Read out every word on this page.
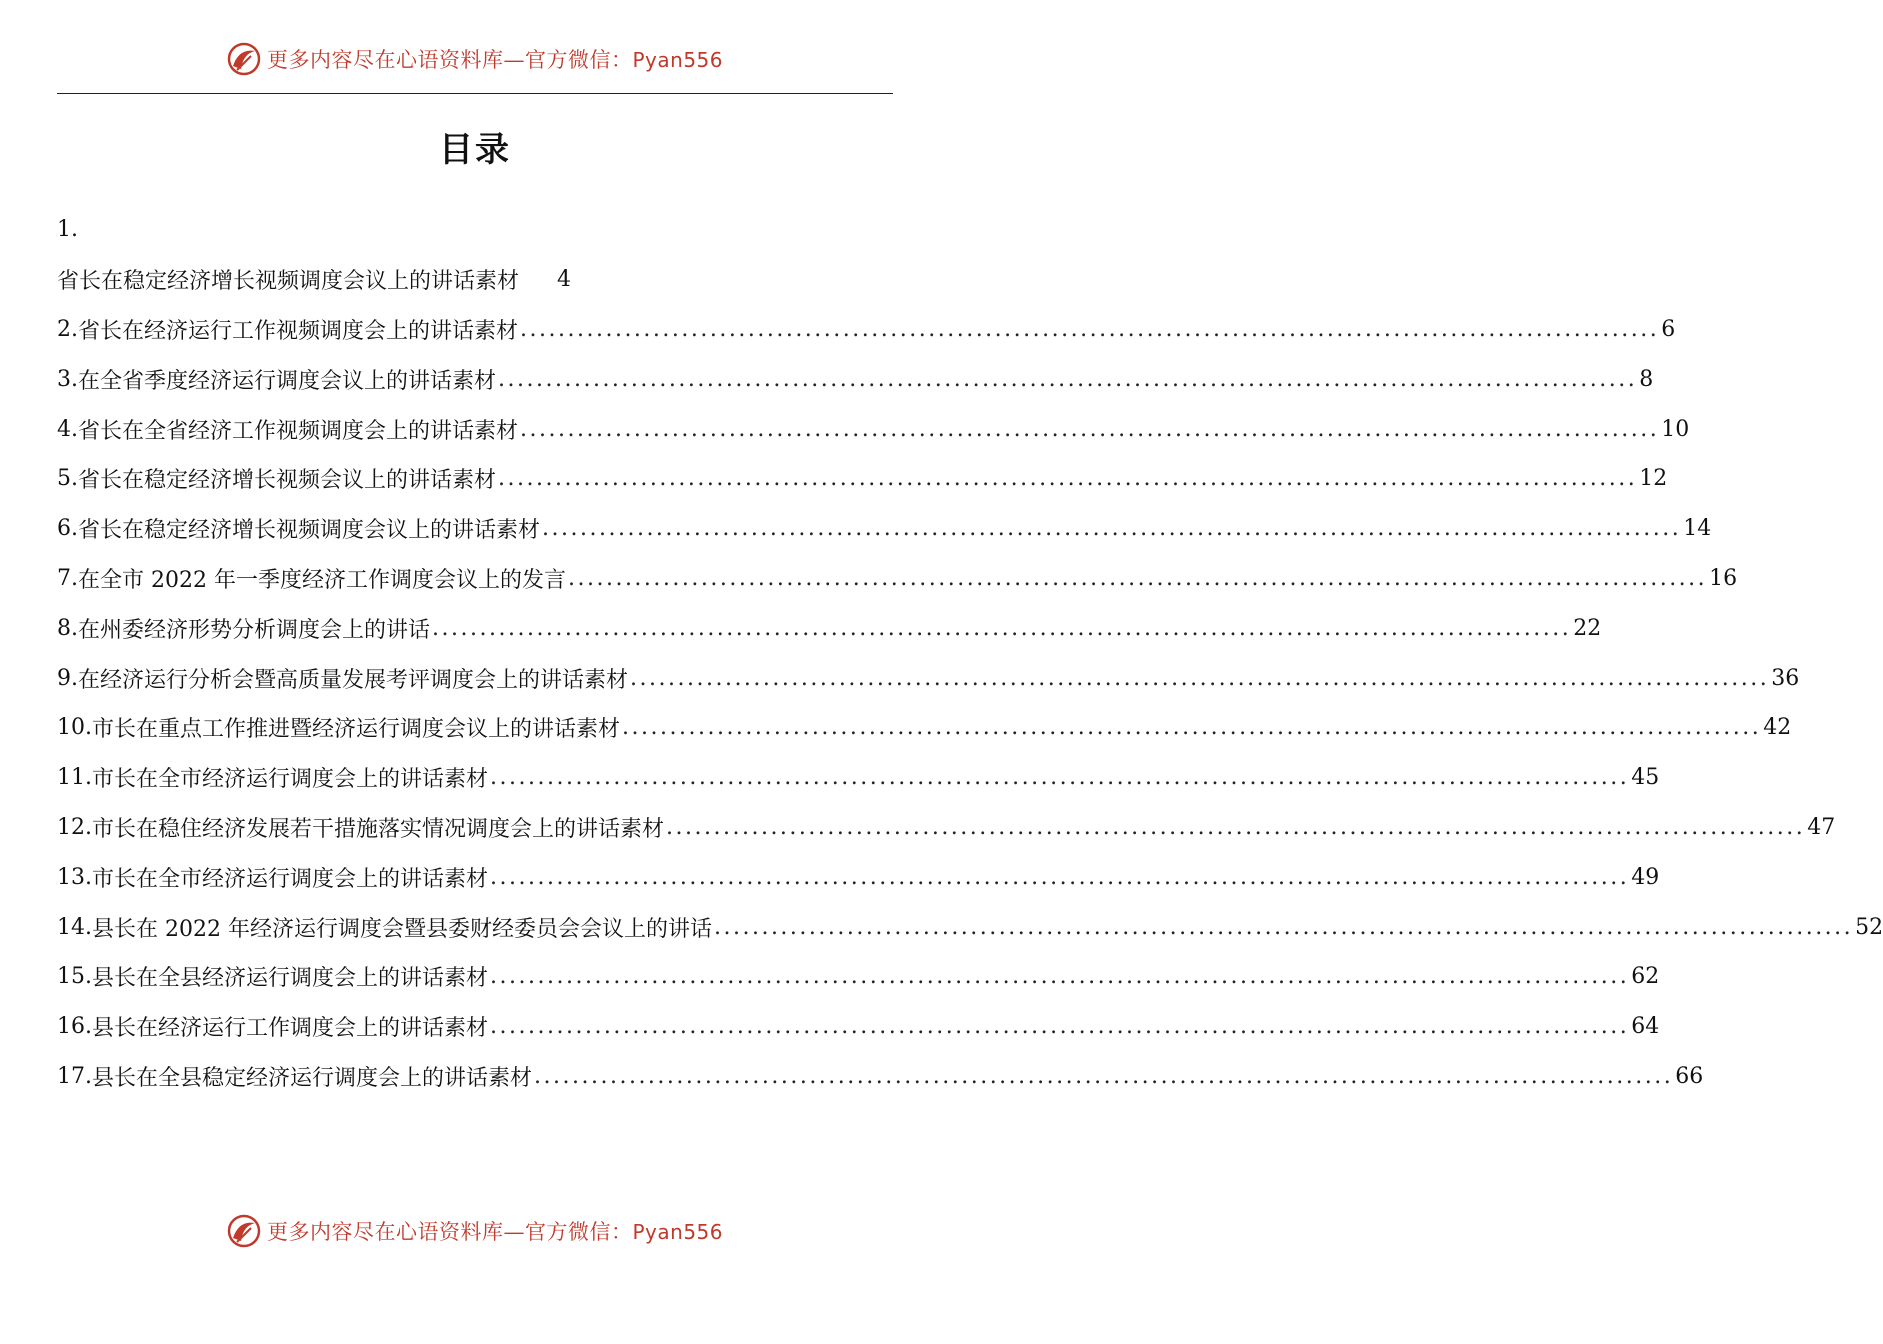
更多内容尽在心语资料库—官方微信：Pyan556
目录
1.
省长在稳定经济增长视频调度会议上的讲话素材 4
2. 省长在经济运行工作视频调度会上的讲话素材 ........................................................................................................................ 6
3. 在全省季度经济运行调度会议上的讲话素材 ........................................................................................................................ 8
4. 省长在全省经济工作视频调度会上的讲话素材 ........................................................................................................................ 10
5. 省长在稳定经济增长视频会议上的讲话素材 ........................................................................................................................ 12
6. 省长在稳定经济增长视频调度会议上的讲话素材 ........................................................................................................................ 14
7. 在全市 2022 年一季度经济工作调度会议上的发言 ........................................................................................................................ 16
8. 在州委经济形势分析调度会上的讲话 ........................................................................................................................ 22
9. 在经济运行分析会暨高质量发展考评调度会上的讲话素材 ........................................................................................................................ 36
10. 市长在重点工作推进暨经济运行调度会议上的讲话素材 ........................................................................................................................ 42
11. 市长在全市经济运行调度会上的讲话素材 ........................................................................................................................ 45
12. 市长在稳住经济发展若干措施落实情况调度会上的讲话素材 ........................................................................................................................ 47
13. 市长在全市经济运行调度会上的讲话素材 ........................................................................................................................ 49
14. 县长在 2022 年经济运行调度会暨县委财经委员会会议上的讲话 ........................................................................................................................ 52
15. 县长在全县经济运行调度会上的讲话素材 ........................................................................................................................ 62
16. 县长在经济运行工作调度会上的讲话素材 ........................................................................................................................ 64
17. 县长在全县稳定经济运行调度会上的讲话素材 ........................................................................................................................ 66
更多内容尽在心语资料库—官方微信：Pyan556
